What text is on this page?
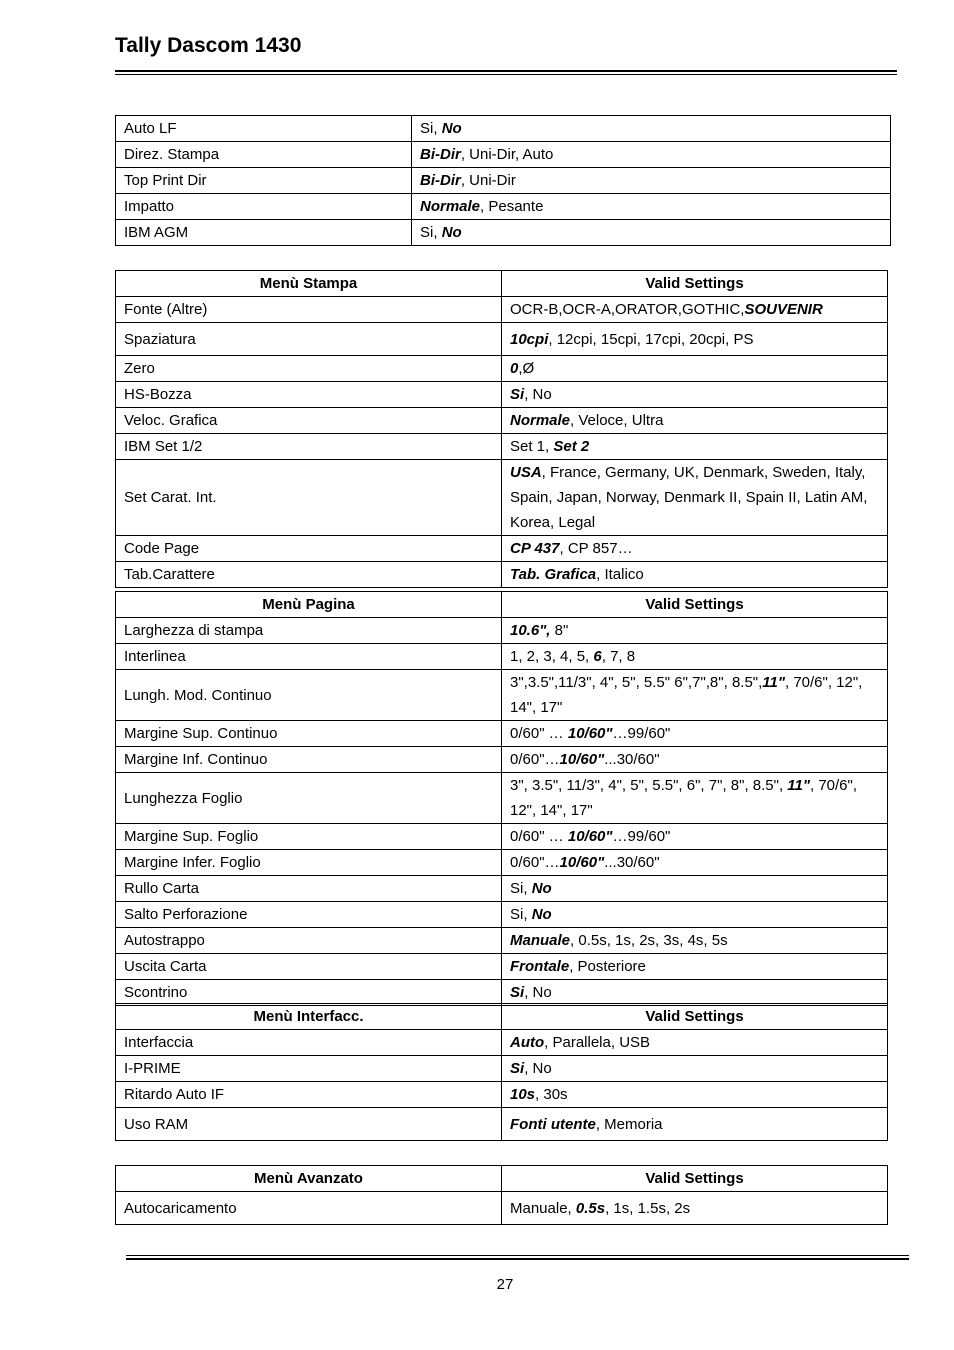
Tally Dascom 1430
Auto LF	Si, No
Direz. Stampa	Bi-Dir, Uni-Dir, Auto
Top Print Dir	Bi-Dir, Uni-Dir
Impatto	Normale, Pesante
IBM AGM	Si, No
Menù Stampa	Valid Settings
Fonte (Altre)	OCR-B,OCR-A,ORATOR,GOTHIC,SOUVENIR
Spaziatura	10cpi, 12cpi, 15cpi, 17cpi, 20cpi, PS
Zero	0,Ø
HS-Bozza	Si, No
Veloc. Grafica	Normale, Veloce, Ultra
IBM Set 1/2	Set 1, Set 2
Set Carat. Int.	USA, France, Germany, UK, Denmark, Sweden, Italy, Spain, Japan, Norway, Denmark II, Spain II, Latin AM, Korea, Legal
Code Page	CP 437, CP 857…
Tab.Carattere	Tab. Grafica, Italico
Menù Pagina	Valid Settings
Larghezza di stampa	10.6", 8"
Interlinea	1, 2, 3, 4, 5, 6, 7, 8
Lungh. Mod. Continuo	3",3.5",11/3", 4", 5", 5.5" 6",7",8", 8.5",11", 70/6", 12", 14", 17"
Margine Sup. Continuo	0/60" … 10/60"…99/60"
Margine Inf. Continuo	0/60"…10/60"...30/60"
Lunghezza Foglio	3", 3.5", 11/3", 4", 5", 5.5", 6", 7", 8", 8.5", 11", 70/6", 12", 14", 17"
Margine Sup. Foglio	0/60" … 10/60"…99/60"
Margine Infer. Foglio	0/60"…10/60"...30/60"
Rullo Carta	Si, No
Salto Perforazione	Si, No
Autostrappo	Manuale, 0.5s, 1s, 2s, 3s, 4s, 5s
Uscita Carta	Frontale, Posteriore
Scontrino	Si, No
Menù Interfacc.	Valid Settings
Interfaccia	Auto, Parallela, USB
I-PRIME	Si, No
Ritardo Auto IF	10s, 30s
Uso RAM	Fonti utente, Memoria
Menù Avanzato	Valid Settings
Autocaricamento	Manuale, 0.5s, 1s, 1.5s, 2s
27
